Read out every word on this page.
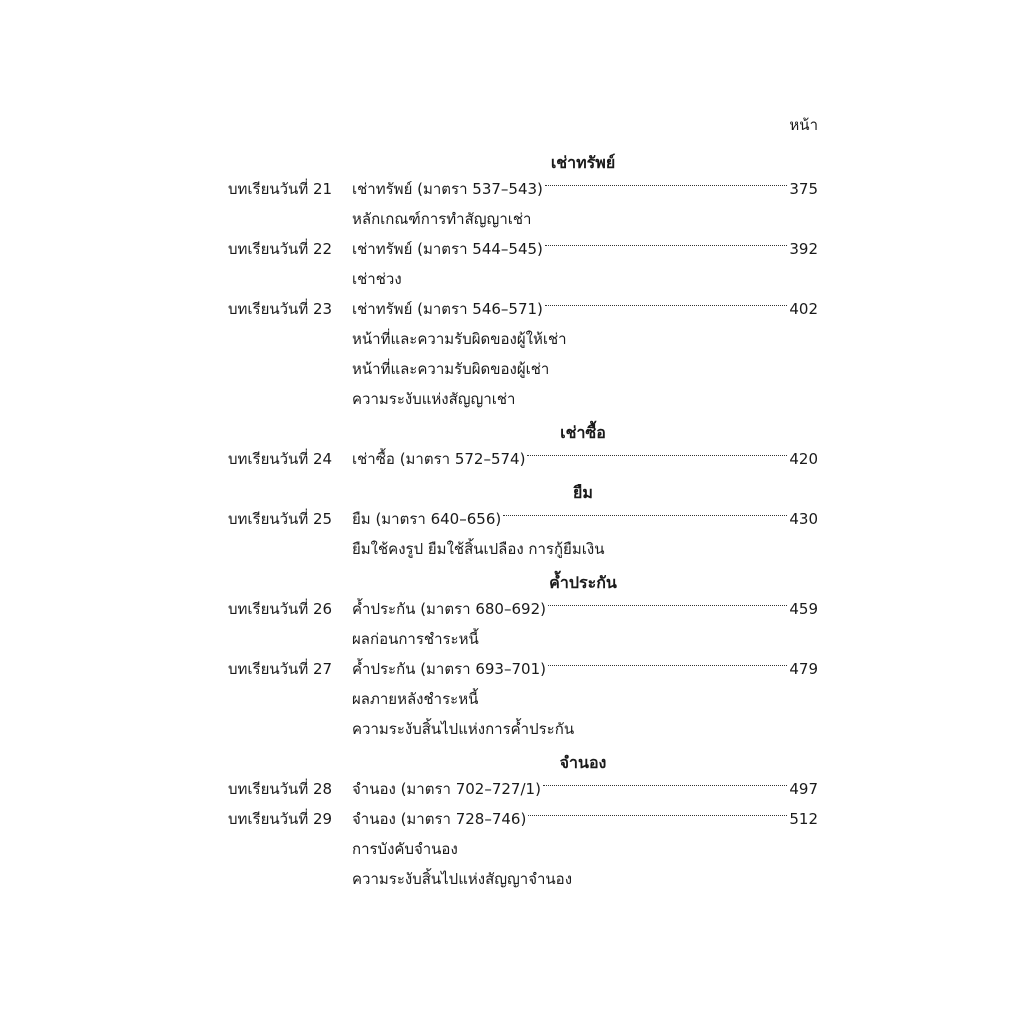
หน้า
เช่าทรัพย์
บทเรียนวันที่ 21	เช่าทรัพย์ (มาตรา 537–543)	375
หลักเกณฑ์การทำสัญญาเช่า
บทเรียนวันที่ 22	เช่าทรัพย์ (มาตรา 544–545)	392
เช่าช่วง
บทเรียนวันที่ 23	เช่าทรัพย์ (มาตรา 546–571)	402
หน้าที่และความรับผิดของผู้ให้เช่า
หน้าที่และความรับผิดของผู้เช่า
ความระงับแห่งสัญญาเช่า
เช่าซื้อ
บทเรียนวันที่ 24	เช่าซื้อ (มาตรา 572–574)	420
ยืม
บทเรียนวันที่ 25	ยืม (มาตรา 640–656)	430
ยืมใช้คงรูป ยืมใช้สิ้นเปลือง การกู้ยืมเงิน
ค้ำประกัน
บทเรียนวันที่ 26	ค้ำประกัน (มาตรา 680–692)	459
ผลก่อนการชำระหนี้
บทเรียนวันที่ 27	ค้ำประกัน (มาตรา 693–701)	479
ผลภายหลังชำระหนี้
ความระงับสิ้นไปแห่งการค้ำประกัน
จำนอง
บทเรียนวันที่ 28	จำนอง (มาตรา 702–727/1)	497
บทเรียนวันที่ 29	จำนอง (มาตรา 728–746)	512
การบังคับจำนอง
ความระงับสิ้นไปแห่งสัญญาจำนอง
